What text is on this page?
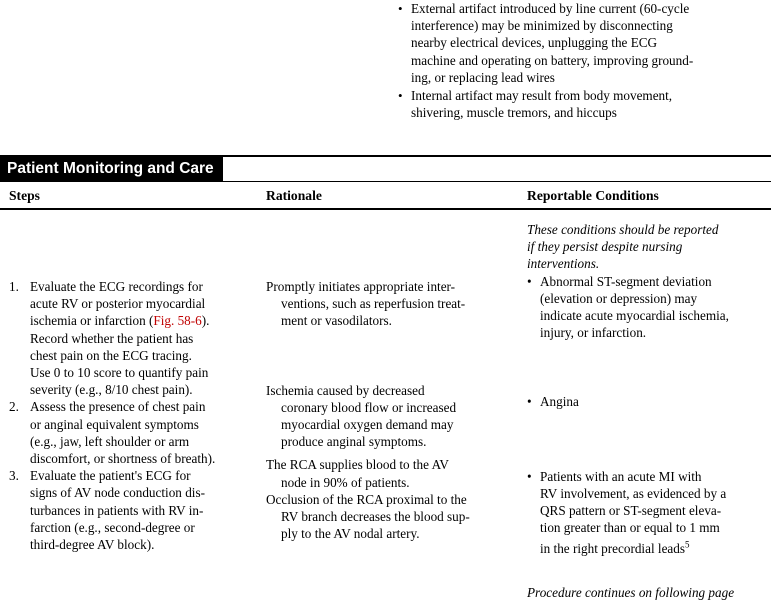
• External artifact introduced by line current (60-cycle
interference) may be minimized by disconnecting
nearby electrical devices, unplugging the ECG
machine and operating on battery, improving ground-
ing, or replacing lead wires
• Internal artifact may result from body movement,
shivering, muscle tremors, and hiccups
Patient Monitoring and Care
Steps	Rationale	Reportable Conditions
1. Evaluate the ECG recordings for
acute RV or posterior myocardial
ischemia or infarction (Fig. 58-6).
Record whether the patient has
chest pain on the ECG tracing.
Use 0 to 10 score to quantify pain
severity (e.g., 8/10 chest pain).
2. Assess the presence of chest pain
or anginal equivalent symptoms
(e.g., jaw, left shoulder or arm
discomfort, or shortness of breath).
3. Evaluate the patient's ECG for
signs of AV node conduction dis-
turbances in patients with RV in-
farction (e.g., second-degree or
third-degree AV block).
Promptly initiates appropriate inter-
ventions, such as reperfusion treat-
ment or vasodilators.
Ischemia caused by decreased
coronary blood flow or increased
myocardial oxygen demand may
produce anginal symptoms.
The RCA supplies blood to the AV
node in 90% of patients.
Occlusion of the RCA proximal to the
RV branch decreases the blood sup-
ply to the AV nodal artery.
These conditions should be reported
if they persist despite nursing
interventions.
• Abnormal ST-segment deviation
(elevation or depression) may
indicate acute myocardial ischemia,
injury, or infarction.
• Angina
• Patients with an acute MI with
RV involvement, as evidenced by a
QRS pattern or ST-segment eleva-
tion greater than or equal to 1 mm
in the right precordial leads$^5$
Procedure continues on following page
